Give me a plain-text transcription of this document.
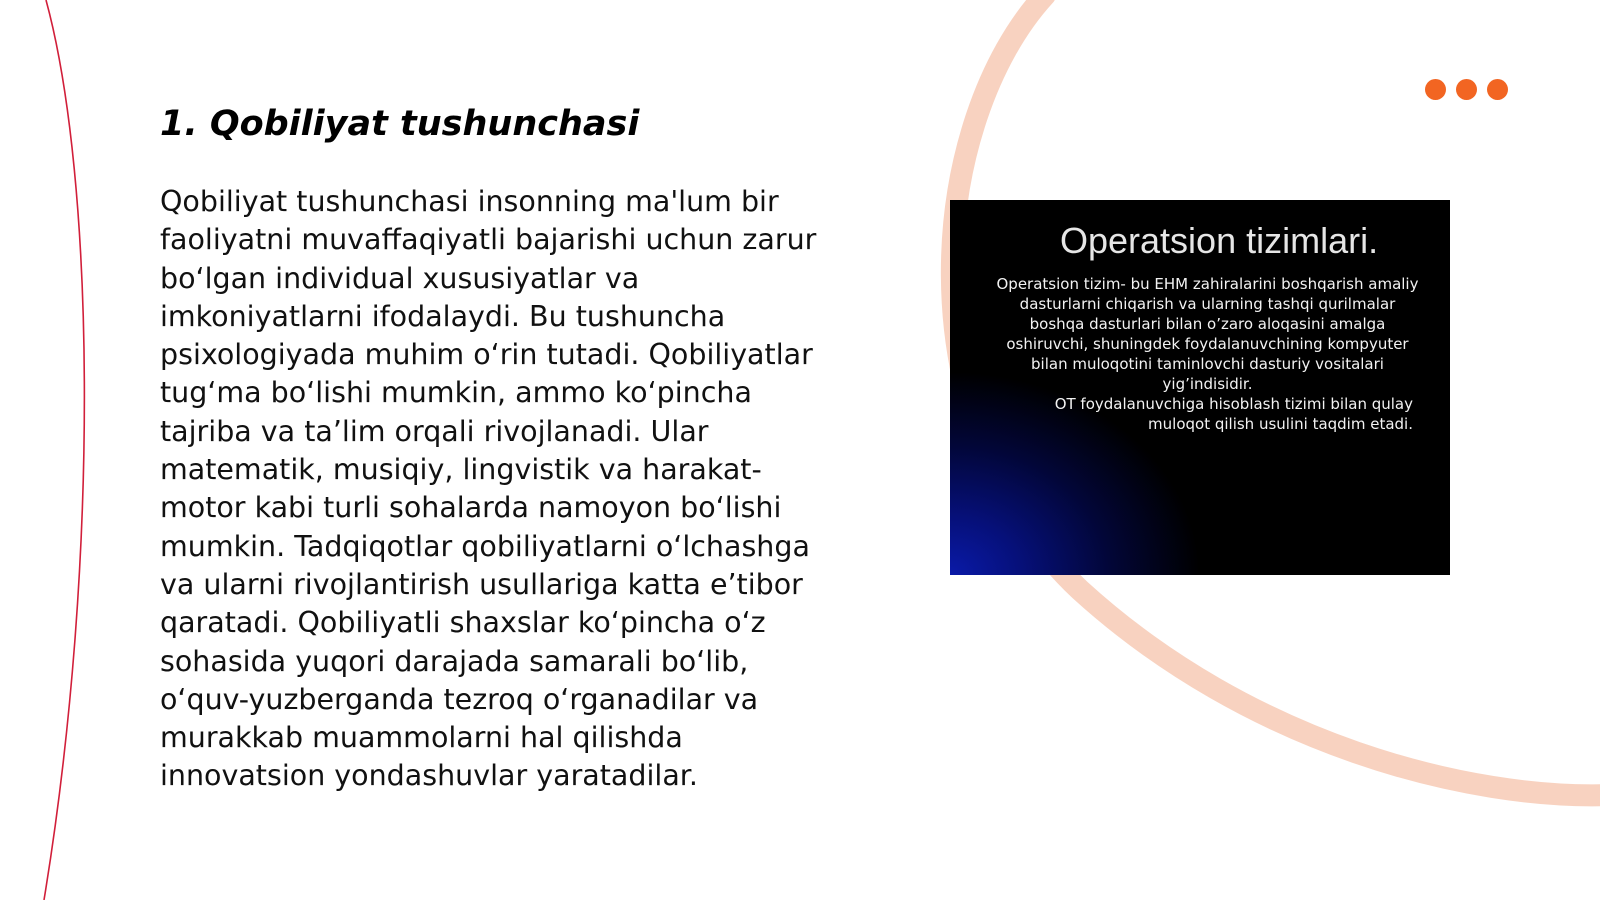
1. Qobiliyat tushunchasi

Qobiliyat tushunchasi insonning ma'lum bir faoliyatni muvaffaqiyatli bajarishi uchun zarur bo‘lgan individual xususiyatlar va imkoniyatlarni ifodalaydi. Bu tushuncha psixologiyada muhim o‘rin tutadi. Qobiliyatlar tug‘ma bo‘lishi mumkin, ammo ko‘pincha tajriba va ta’lim orqali rivojlanadi. Ular matematik, musiqiy, lingvistik va harakat-motor kabi turli sohalarda namoyon bo‘lishi mumkin. Tadqiqotlar qobiliyatlarni o‘lchashga va ularni rivojlantirish usullariga katta e’tibor qaratadi. Qobiliyatli shaxslar ko‘pincha o‘z sohasida yuqori darajada samarali bo‘lib, o‘quv-yuzberganda tezroq o‘rganadilar va murakkab muammolarni hal qilishda innovatsion yondashuvlar yaratadilar.

Operatsion tizimlari.

Operatsion tizim- bu EHM zahiralarini boshqarish amaliy dasturlarni chiqarish va ularning tashqi qurilmalar boshqa dasturlari bilan o’zaro aloqasini amalga oshiruvchi, shuningdek foydalanuvchining kompyuter bilan muloqotini taminlovchi dasturiy vositalari yig’indisidir.

OT foydalanuvchiga hisoblash tizimi bilan qulay muloqot qilish usulini taqdim etadi.
